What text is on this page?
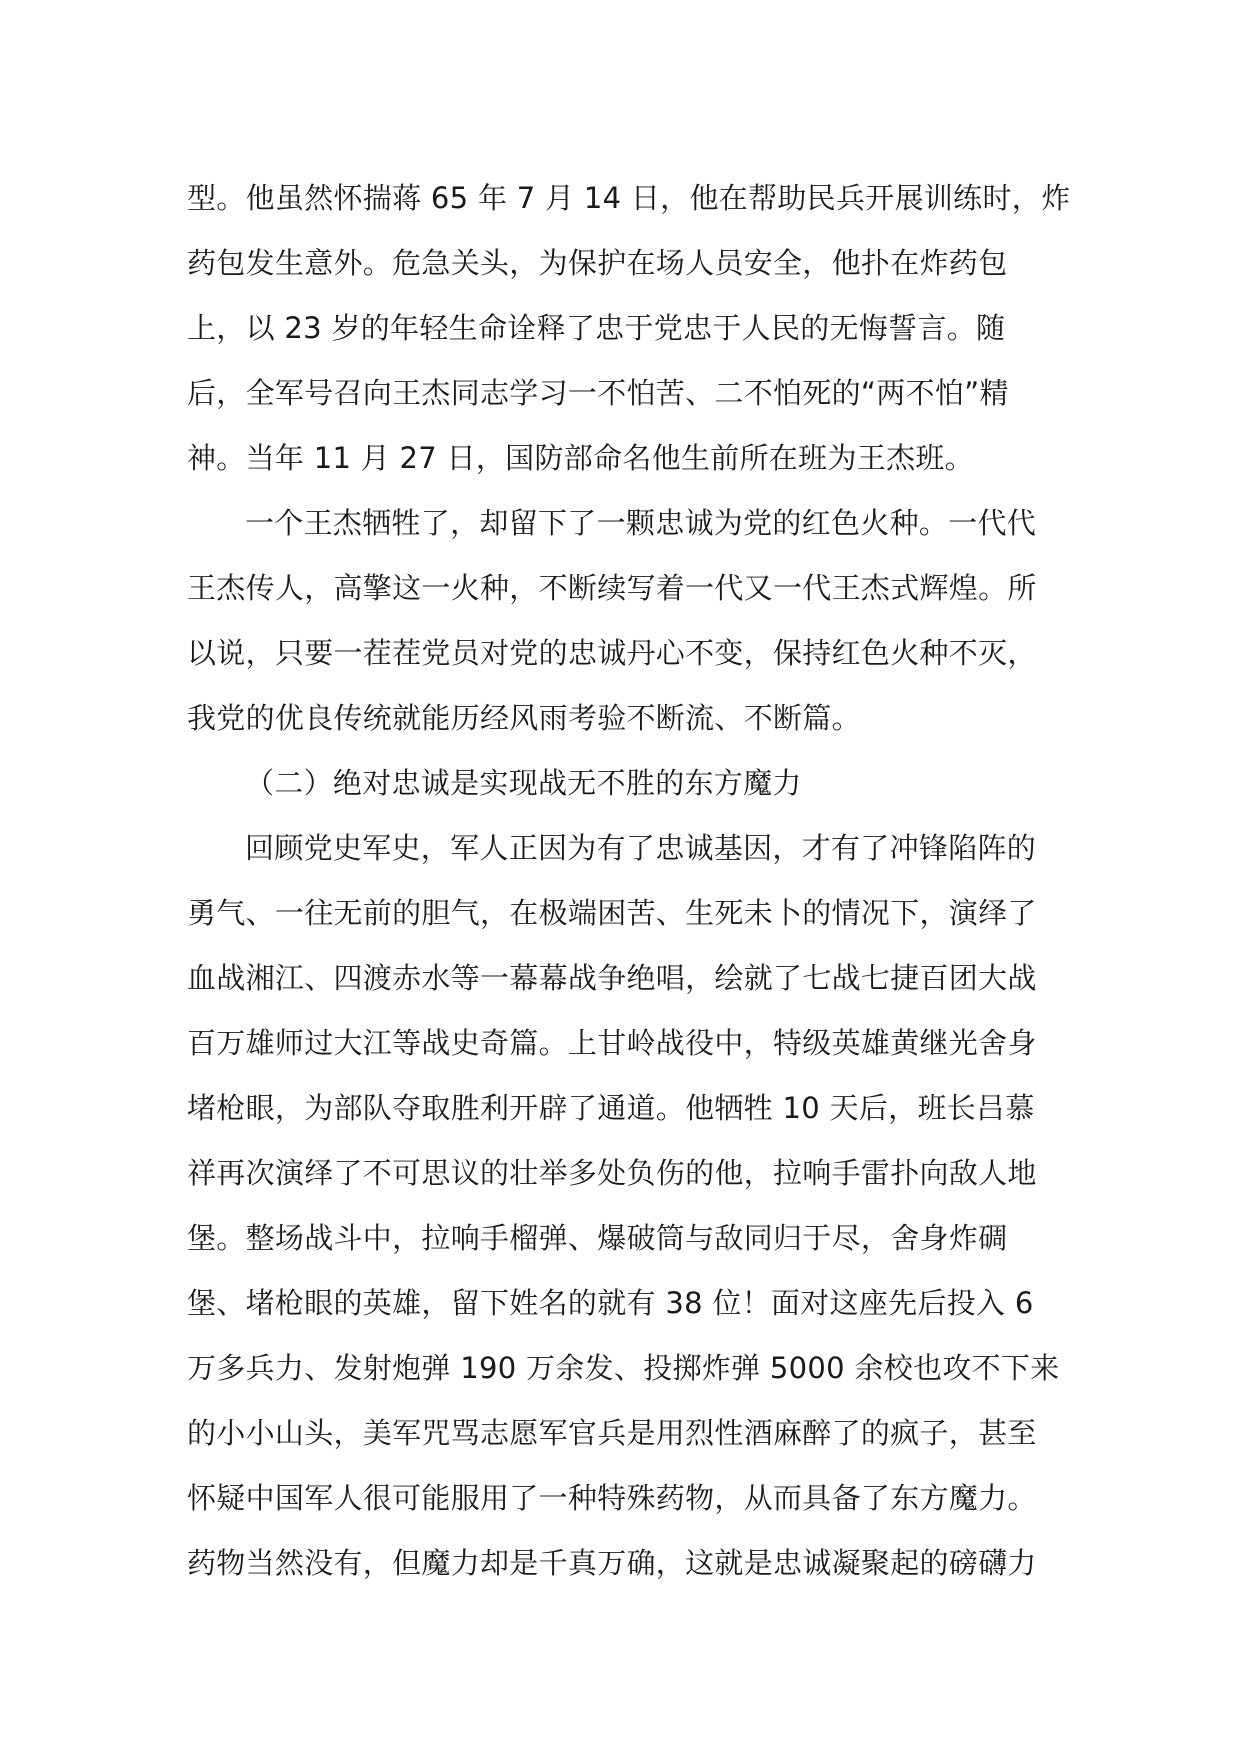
型。他虽然怀揣蒋 65 年 7 月 14 日，他在帮助民兵开展训练时，炸
药包发生意外。危急关头，为保护在场人员安全，他扑在炸药包
上，以 23 岁的年轻生命诠释了忠于党忠于人民的无悔誓言。随
后，全军号召向王杰同志学习一不怕苦、二不怕死的“两不怕”精
神。当年 11 月 27 日，国防部命名他生前所在班为王杰班。
一个王杰牺牲了，却留下了一颗忠诚为党的红色火种。一代代
王杰传人，高擎这一火种，不断续写着一代又一代王杰式辉煌。所
以说，只要一茬茬党员对党的忠诚丹心不变，保持红色火种不灭，
我党的优良传统就能历经风雨考验不断流、不断篇。
（二）绝对忠诚是实现战无不胜的东方魔力
回顾党史军史，军人正因为有了忠诚基因，才有了冲锋陷阵的
勇气、一往无前的胆气，在极端困苦、生死未卜的情况下，演绎了
血战湘江、四渡赤水等一幕幕战争绝唱，绘就了七战七捷百团大战
百万雄师过大江等战史奇篇。上甘岭战役中，特级英雄黄继光舍身
堵枪眼，为部队夺取胜利开辟了通道。他牺牲 10 天后，班长吕慕
祥再次演绎了不可思议的壮举多处负伤的他，拉响手雷扑向敌人地
堡。整场战斗中，拉响手榴弹、爆破筒与敌同归于尽，舍身炸碉
堡、堵枪眼的英雄，留下姓名的就有 38 位！面对这座先后投入 6
万多兵力、发射炮弹 190 万余发、投掷炸弹 5000 余校也攻不下来
的小小山头，美军咒骂志愿军官兵是用烈性酒麻醉了的疯子，甚至
怀疑中国军人很可能服用了一种特殊药物，从而具备了东方魔力。
药物当然没有，但魔力却是千真万确，这就是忠诚凝聚起的磅礴力
